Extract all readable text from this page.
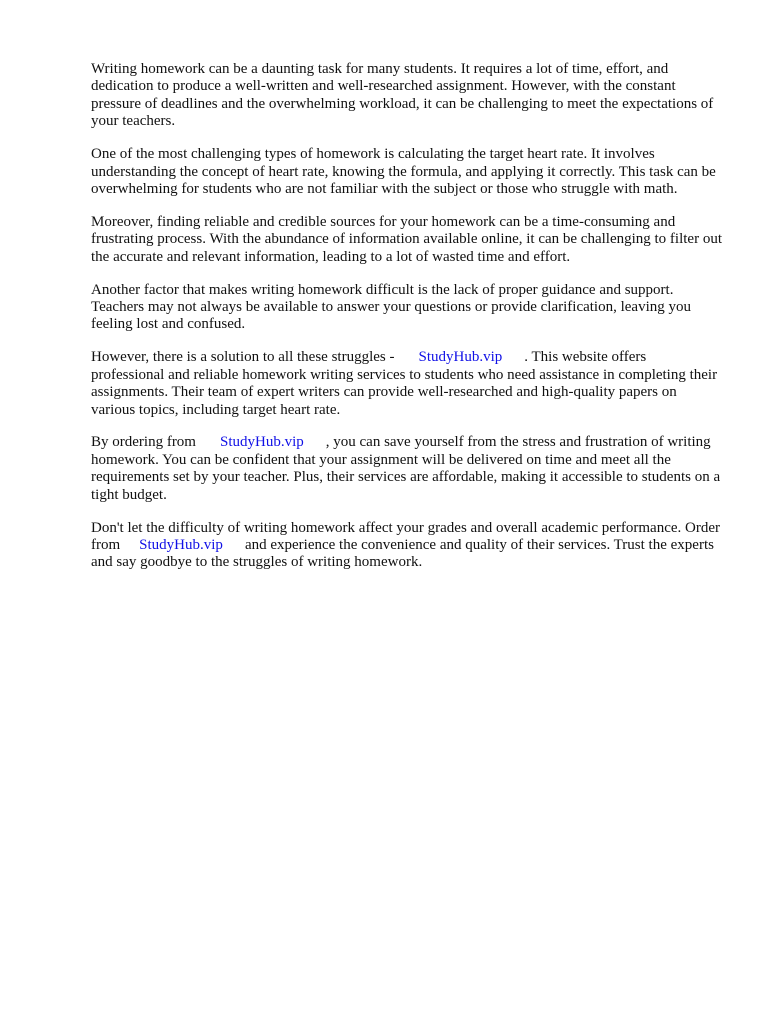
Writing homework can be a daunting task for many students. It requires a lot of time, effort, and dedication to produce a well-written and well-researched assignment. However, with the constant pressure of deadlines and the overwhelming workload, it can be challenging to meet the expectations of your teachers.

One of the most challenging types of homework is calculating the target heart rate. It involves understanding the concept of heart rate, knowing the formula, and applying it correctly. This task can be overwhelming for students who are not familiar with the subject or those who struggle with math.

Moreover, finding reliable and credible sources for your homework can be a time-consuming and frustrating process. With the abundance of information available online, it can be challenging to filter out the accurate and relevant information, leading to a lot of wasted time and effort.

Another factor that makes writing homework difficult is the lack of proper guidance and support. Teachers may not always be available to answer your questions or provide clarification, leaving you feeling lost and confused.

However, there is a solution to all these struggles - StudyHub.vip . This website offers professional and reliable homework writing services to students who need assistance in completing their assignments. Their team of expert writers can provide well-researched and high-quality papers on various topics, including target heart rate.

By ordering from StudyHub.vip , you can save yourself from the stress and frustration of writing homework. You can be confident that your assignment will be delivered on time and meet all the requirements set by your teacher. Plus, their services are affordable, making it accessible to students on a tight budget.

Don't let the difficulty of writing homework affect your grades and overall academic performance. Order from StudyHub.vip and experience the convenience and quality of their services. Trust the experts and say goodbye to the struggles of writing homework.
